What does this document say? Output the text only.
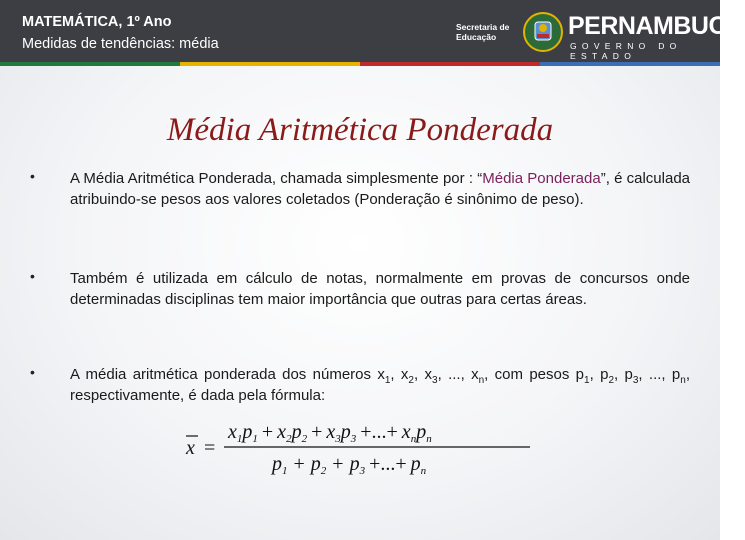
MATEMÁTICA, 1º Ano
Medidas de tendências: média
Secretaria de Educação	PERNAMBUCO
GOVERNO DO ESTADO
Média Aritmética Ponderada
• A Média Aritmética Ponderada, chamada simplesmente por : “Média Ponderada”, é calculada atribuindo-se pesos aos valores coletados (Ponderação é sinônimo de peso).
• Também é utilizada em cálculo de notas, normalmente em provas de concursos onde determinadas disciplinas tem maior importância que outras para certas áreas.
• A média aritmética ponderada dos números $x_1$, $x_2$, $x_3$, ..., $x_n$, com pesos $p_1$, $p_2$, $p_3$, ..., $p_n$, respectivamente, é dada pela fórmula:
x =
$x_1p_1 + x_2p_2 + x_3p_3$ +...+ $x_np_n$
$p_1 + p_2 + p_3$ +...+ $p_n$
